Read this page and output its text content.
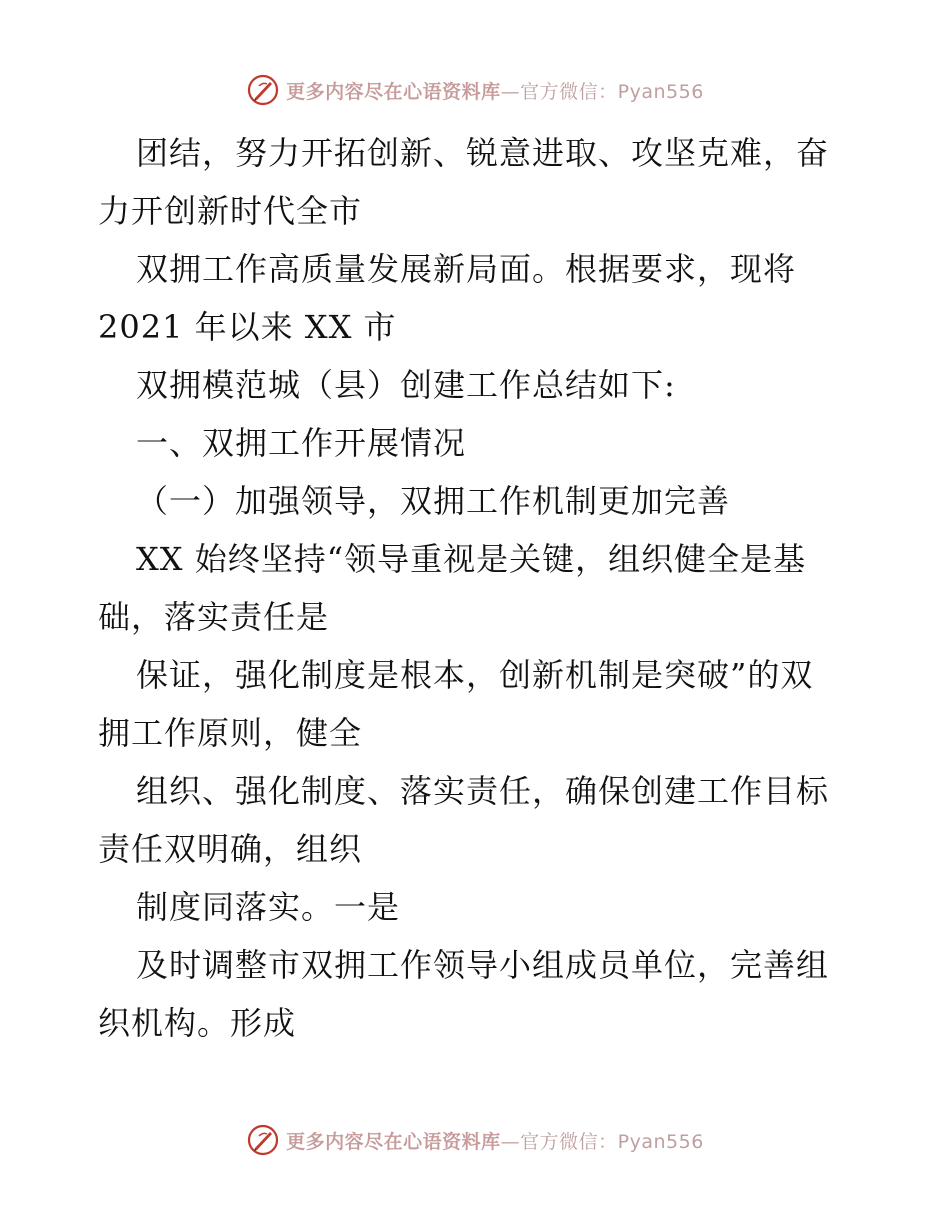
更多内容尽在心语资料库—官方微信：Pyan556
团结，努力开拓创新、锐意进取、攻坚克难，奋
力开创新时代全市
双拥工作高质量发展新局面。根据要求，现将
2021 年以来 XX 市
双拥模范城（县）创建工作总结如下:
一、双拥工作开展情况
（一）加强领导，双拥工作机制更加完善
XX 始终坚持“领导重视是关键，组织健全是基
础，落实责任是
保证，强化制度是根本，创新机制是突破”的双
拥工作原则，健全
组织、强化制度、落实责任，确保创建工作目标
责任双明确，组织
制度同落实。一是
及时调整市双拥工作领导小组成员单位，完善组
织机构。形成
更多内容尽在心语资料库—官方微信：Pyan556
